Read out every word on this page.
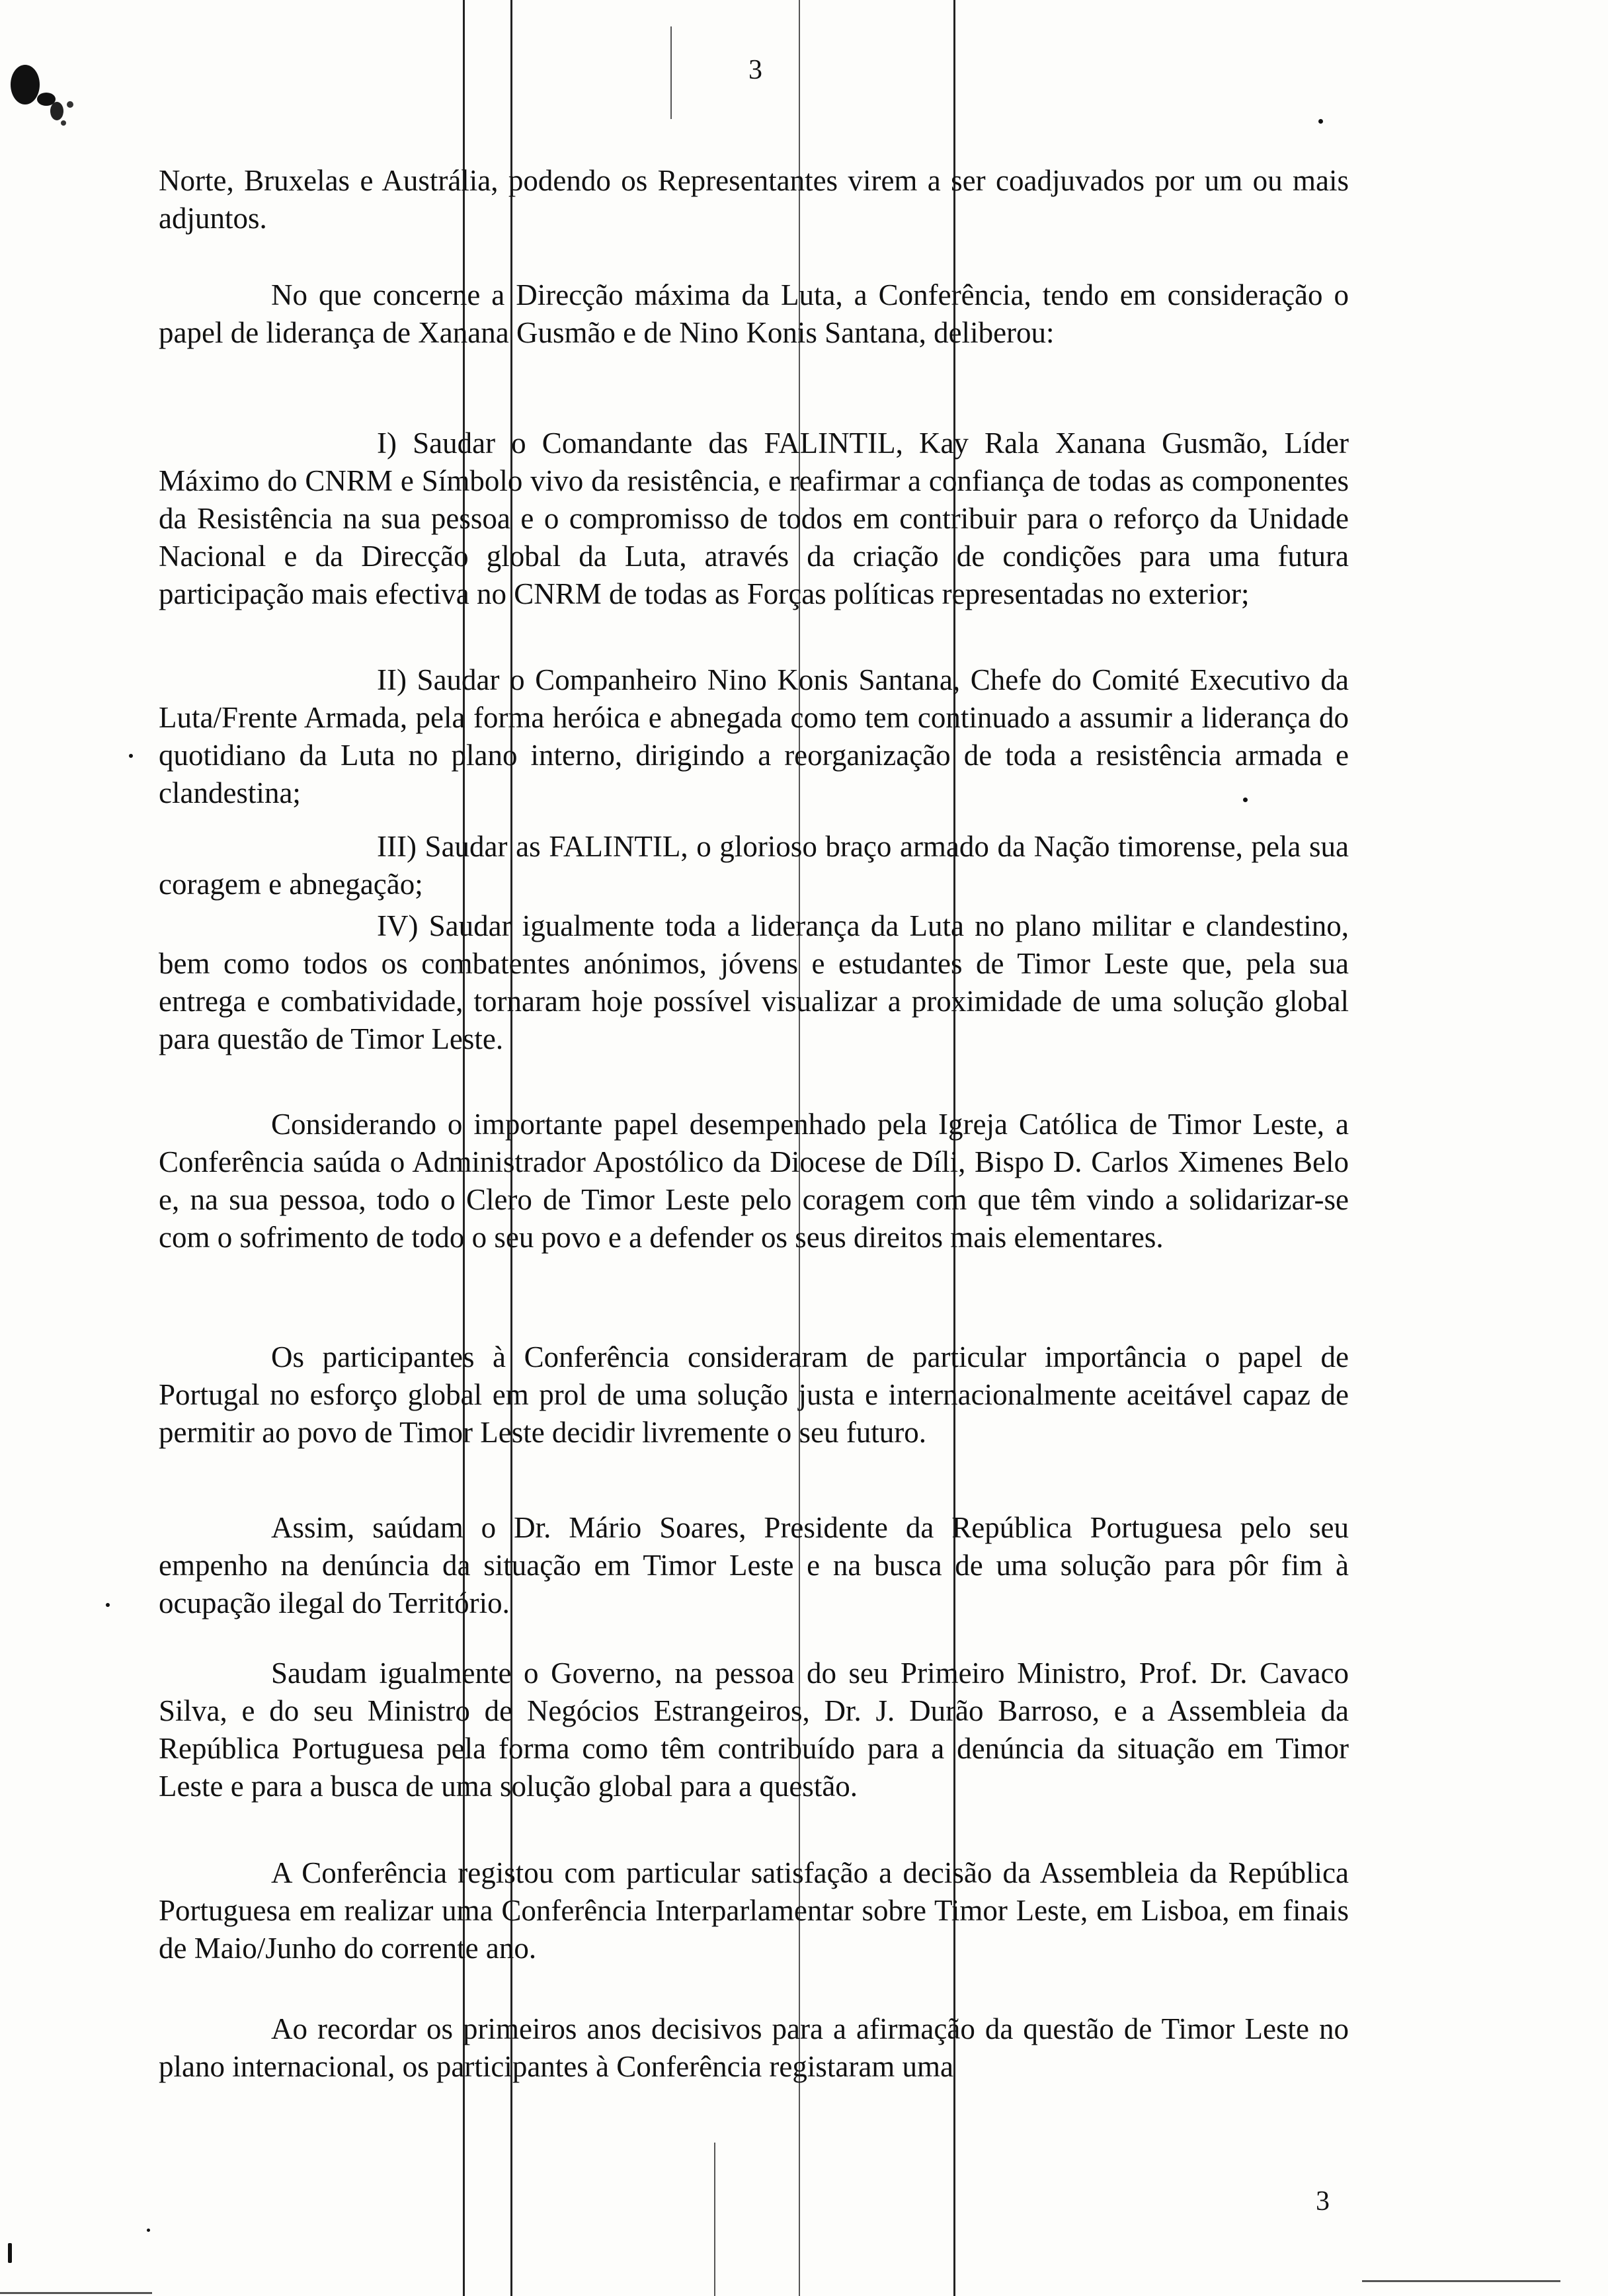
3
3

Norte, Bruxelas e Austrália, podendo os Representantes virem a ser coadjuvados por um ou mais adjuntos.

No que concerne a Direcção máxima da Luta, a Conferência, tendo em consideração o papel de liderança de Xanana Gusmão e de Nino Konis Santana, deliberou:

I) Saudar o Comandante das FALINTIL, Kay Rala Xanana Gusmão, Líder Máximo do CNRM e Símbolo vivo da resistência, e reafirmar a confiança de todas as componentes da Resistência na sua pessoa e o compromisso de todos em contribuir para o reforço da Unidade Nacional e da Direcção global da Luta, através da criação de condições para uma futura participação mais efectiva no CNRM de todas as Forças políticas representadas no exterior;

II) Saudar o Companheiro Nino Konis Santana, Chefe do Comité Executivo da Luta/Frente Armada, pela forma heróica e abnegada como tem continuado a assumir a liderança do quotidiano da Luta no plano interno, dirigindo a reorganização de toda a resistência armada e clandestina;

III) Saudar as FALINTIL, o glorioso braço armado da Nação timorense, pela sua coragem e abnegação;

IV) Saudar igualmente toda a liderança da Luta no plano militar e clandestino, bem como todos os combatentes anónimos, jóvens e estudantes de Timor Leste que, pela sua entrega e combatividade, tornaram hoje possível visualizar a proximidade de uma solução global para questão de Timor Leste.

Considerando o importante papel desempenhado pela Igreja Católica de Timor Leste, a Conferência saúda o Administrador Apostólico da Diocese de Díli, Bispo D. Carlos Ximenes Belo e, na sua pessoa, todo o Clero de Timor Leste pelo coragem com que têm vindo a solidarizar-se com o sofrimento de todo o seu povo e a defender os seus direitos mais elementares.

Os participantes à Conferência consideraram de particular importância o papel de Portugal no esforço global em prol de uma solução justa e internacionalmente aceitável capaz de permitir ao povo de Timor Leste decidir livremente o seu futuro.

Assim, saúdam o Dr. Mário Soares, Presidente da República Portuguesa pelo seu empenho na denúncia da situação em Timor Leste e na busca de uma solução para pôr fim à ocupação ilegal do Território.

Saudam igualmente o Governo, na pessoa do seu Primeiro Ministro, Prof. Dr. Cavaco Silva, e do seu Ministro de Negócios Estrangeiros, Dr. J. Durão Barroso, e a Assembleia da República Portuguesa pela forma como têm contribuído para a denúncia da situação em Timor Leste e para a busca de uma solução global para a questão.

A Conferência registou com particular satisfação a decisão da Assembleia da República Portuguesa em realizar uma Conferência Interparlamentar sobre Timor Leste, em Lisboa, em finais de Maio/Junho do corrente ano.

Ao recordar os primeiros anos decisivos para a afirmação da questão de Timor Leste no plano internacional, os participantes à Conferência registaram uma
